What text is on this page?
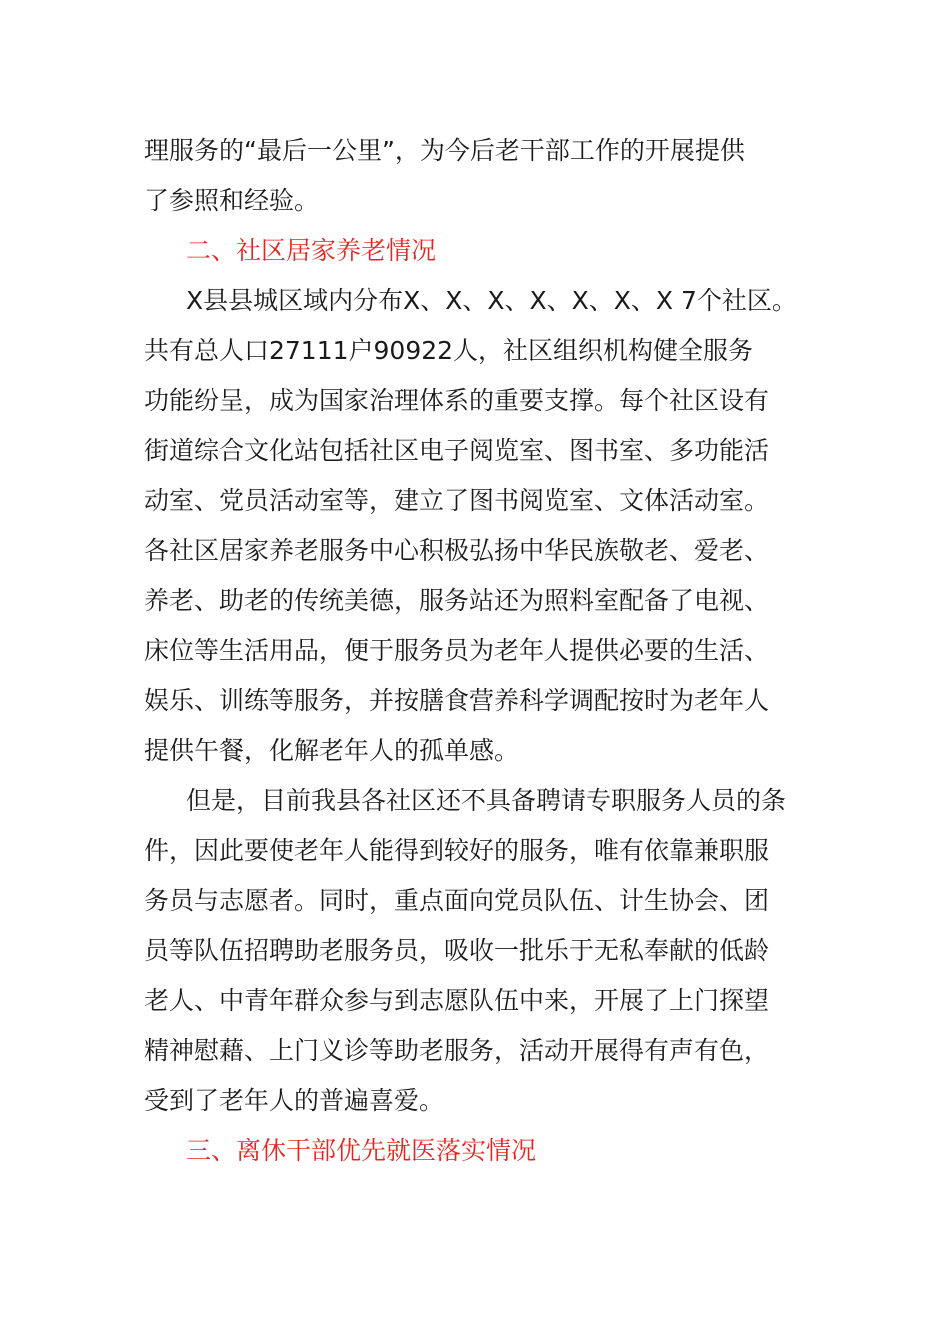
理服务的“最后一公里”，为今后老干部工作的开展提供
了参照和经验。
二、社区居家养老情况
X县县城区域内分布X、X、X、X、X、X、X 7个社区。
共有总人口27111户90922人，社区组织机构健全服务
功能纷呈，成为国家治理体系的重要支撑。每个社区设有
街道综合文化站包括社区电子阅览室、图书室、多功能活
动室、党员活动室等，建立了图书阅览室、文体活动室。
各社区居家养老服务中心积极弘扬中华民族敬老、爱老、
养老、助老的传统美德，服务站还为照料室配备了电视、
床位等生活用品，便于服务员为老年人提供必要的生活、
娱乐、训练等服务，并按膳食营养科学调配按时为老年人
提供午餐，化解老年人的孤单感。
但是，目前我县各社区还不具备聘请专职服务人员的条
件，因此要使老年人能得到较好的服务，唯有依靠兼职服
务员与志愿者。同时，重点面向党员队伍、计生协会、团
员等队伍招聘助老服务员，吸收一批乐于无私奉献的低龄
老人、中青年群众参与到志愿队伍中来，开展了上门探望
精神慰藉、上门义诊等助老服务，活动开展得有声有色，
受到了老年人的普遍喜爱。
三、离休干部优先就医落实情况
